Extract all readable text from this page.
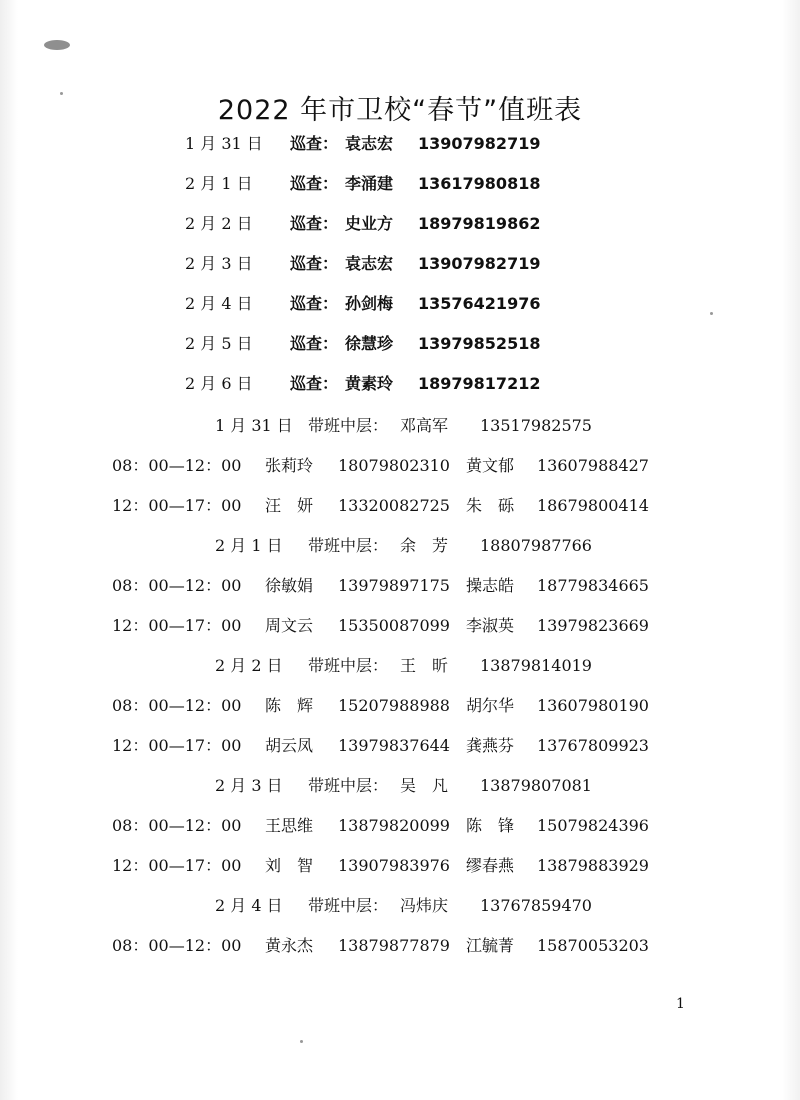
2022 年市卫校“春节”值班表
1 月 31 日 巡查： 袁志宏 13907982719
2 月 1 日 巡查： 李涌建 13617980818
2 月 2 日 巡查： 史业方 18979819862
2 月 3 日 巡查： 袁志宏 13907982719
2 月 4 日 巡查： 孙剑梅 13576421976
2 月 5 日 巡查： 徐慧珍 13979852518
2 月 6 日 巡查： 黄素玲 18979817212
1 月 31 日 带班中层： 邓高军 13517982575
08：00—12：00 张莉玲 18079802310 黄文郁 13607988427
12：00—17：00 汪　妍 13320082725 朱　砾 18679800414
2 月 1 日 带班中层： 余　芳 18807987766
08：00—12：00 徐敏娟 13979897175 操志皓 18779834665
12：00—17：00 周文云 15350087099 李淑英 13979823669
2 月 2 日 带班中层： 王　昕 13879814019
08：00—12：00 陈　辉 15207988988 胡尔华 13607980190
12：00—17：00 胡云凤 13979837644 龚燕芬 13767809923
2 月 3 日 带班中层： 吴　凡 13879807081
08：00—12：00 王思维 13879820099 陈　锋 15079824396
12：00—17：00 刘　智 13907983976 缪春燕 13879883929
2 月 4 日 带班中层： 冯炜庆 13767859470
08：00—12：00 黄永杰 13879877879 江毓菁 15870053203
1
